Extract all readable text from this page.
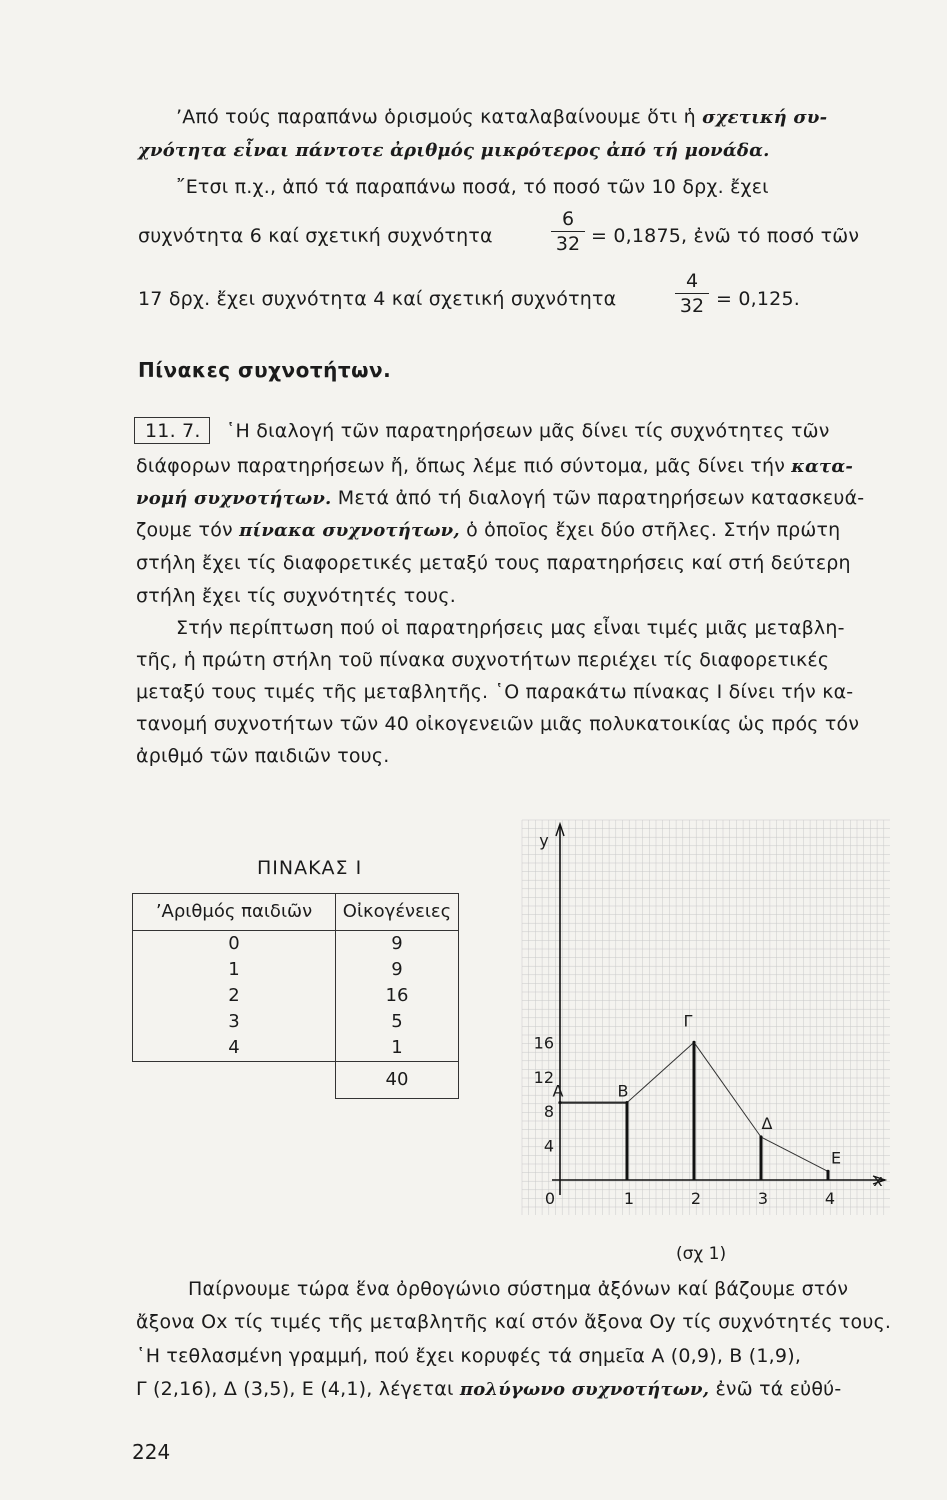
’Από τούς παραπάνω ὁρισμούς καταλαβαίνουμε ὅτι ἡ σχετική συ-
χνότητα εἶναι πάντοτε ἀριθμός μικρότερος ἀπό τή μονάδα.
῎Ετσι π.χ., ἀπό τά παραπάνω ποσά, τό ποσό τῶν 10 δρχ. ἔχει
συχνότητα 6 καί σχετική συχνότητα
6
32 = 0,1875, ἐνῶ τό ποσό τῶν
17 δρχ. ἔχει συχνότητα 4 καί σχετική συχνότητα
4
32 = 0,125.
Πίνακες συχνοτήτων.
11. 7. ῾Η διαλογή τῶν παρατηρήσεων μᾶς δίνει τίς συχνότητες τῶν
διάφορων παρατηρήσεων ἤ, ὅπως λέμε πιό σύντομα, μᾶς δίνει τήν κατα-
νομή συχνοτήτων. Μετά ἀπό τή διαλογή τῶν παρατηρήσεων κατασκευά-
ζουμε τόν πίνακα συχνοτήτων, ὁ ὁποῖος ἔχει δύο στῆλες. Στήν πρώτη
στήλη ἔχει τίς διαφορετικές μεταξύ τους παρατηρήσεις καί στή δεύτερη
στήλη ἔχει τίς συχνότητές τους.
Στήν περίπτωση πού οἱ παρατηρήσεις μας εἶναι τιμές μιᾶς μεταβλη-
τῆς, ἡ πρώτη στήλη τοῦ πίνακα συχνοτήτων περιέχει τίς διαφορετικές
μεταξύ τους τιμές τῆς μεταβλητῆς. ῾Ο παρακάτω πίνακας I δίνει τήν κα-
τανομή συχνοτήτων τῶν 40 οἰκογενειῶν μιᾶς πολυκατοικίας ὡς πρός τόν
ἀριθμό τῶν παιδιῶν τους.
ΠΙΝΑΚΑΣ I
’Αριθμός παιδιῶν	Οἰκογένειες
0	9
1	9
2	16
3	5
4	1
	40
0	1	2	3	4
4
8
12
16
x
y
Α	Β
Γ
Δ
Ε
(σχ 1)
Παίρνουμε τώρα ἕνα ὀρθογώνιο σύστημα ἀξόνων καί βάζουμε στόν
ἄξονα Ox τίς τιμές τῆς μεταβλητῆς καί στόν ἄξονα Oy τίς συχνότητές τους.
῾Η τεθλασμένη γραμμή, πού ἔχει κορυφές τά σημεῖα Α (0,9), Β (1,9),
Γ (2,16), Δ (3,5), Ε (4,1), λέγεται πολύγωνο συχνοτήτων, ἐνῶ τά εὐθύ-
224
